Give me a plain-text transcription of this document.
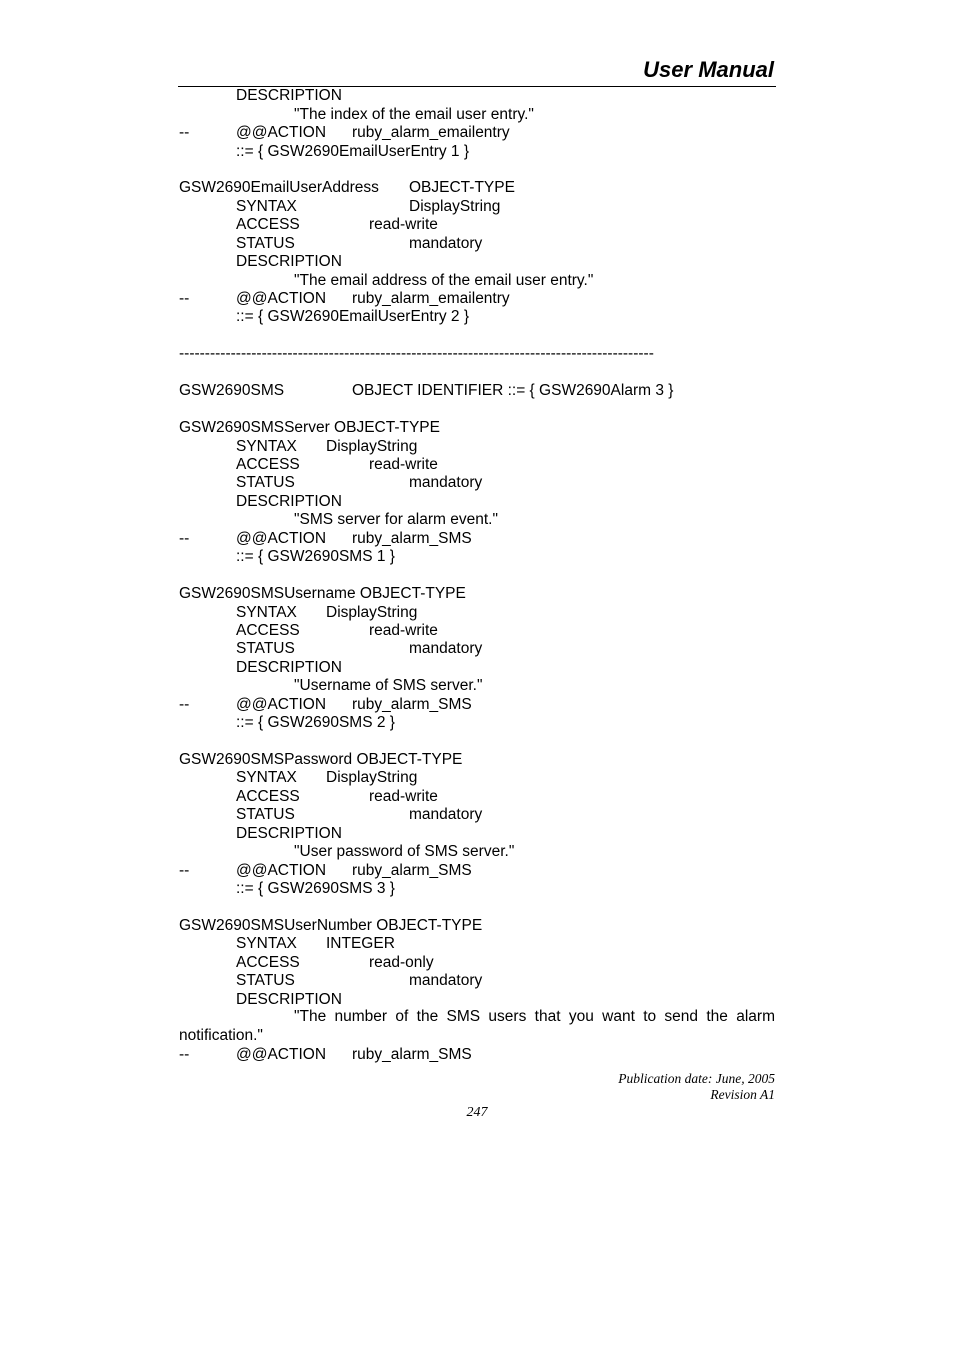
User Manual
DESCRIPTION
"The index of the email user entry."
--	@@ACTION ruby_alarm_emailentry
::= { GSW2690EmailUserEntry 1 }
GSW2690EmailUserAddress OBJECT-TYPE
SYNTAX	DisplayString
ACCESS	read-write
STATUS	mandatory
DESCRIPTION
"The email address of the email user entry."
--	@@ACTION ruby_alarm_emailentry
::= { GSW2690EmailUserEntry 2 }
--------------------------------------------------------------------------------------------
GSW2690SMS	OBJECT IDENTIFIER ::= { GSW2690Alarm 3 }
GSW2690SMSServer OBJECT-TYPE
SYNTAX DisplayString
ACCESS	read-write
STATUS	mandatory
DESCRIPTION
"SMS server for alarm event."
--	@@ACTION ruby_alarm_SMS
::= { GSW2690SMS 1 }
GSW2690SMSUsername OBJECT-TYPE
SYNTAX DisplayString
ACCESS	read-write
STATUS	mandatory
DESCRIPTION
"Username of SMS server."
--	@@ACTION ruby_alarm_SMS
::= { GSW2690SMS 2 }
GSW2690SMSPassword OBJECT-TYPE
SYNTAX DisplayString
ACCESS	read-write
STATUS	mandatory
DESCRIPTION
"User password of SMS server."
--	@@ACTION ruby_alarm_SMS
::= { GSW2690SMS 3 }
GSW2690SMSUserNumber OBJECT-TYPE
SYNTAX INTEGER
ACCESS	read-only
STATUS	mandatory
DESCRIPTION
"The number of the SMS users that you want to send the alarm notification."
--	@@ACTION ruby_alarm_SMS
Publication date: June, 2005
Revision A1
247
